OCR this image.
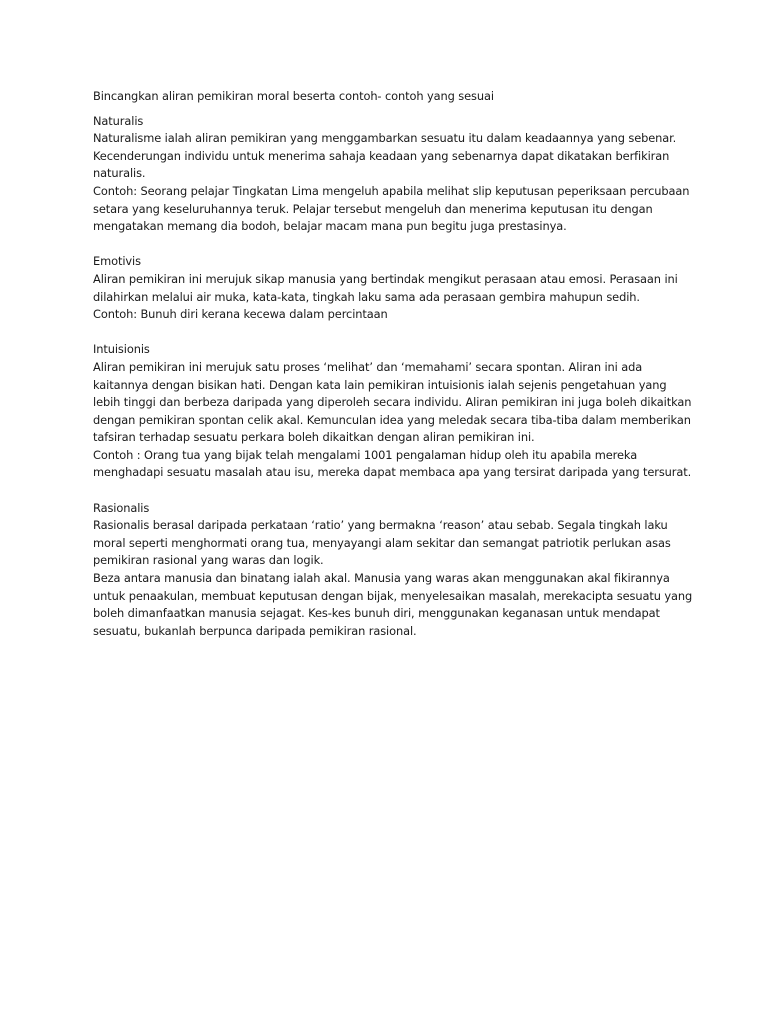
Bincangkan aliran pemikiran moral beserta contoh- contoh yang sesuai

Naturalis

Naturalisme ialah aliran pemikiran yang menggambarkan sesuatu itu dalam keadaannya yang sebenar. Kecenderungan individu untuk menerima sahaja keadaan yang sebenarnya dapat dikatakan berfikiran naturalis.

Contoh: Seorang pelajar Tingkatan Lima mengeluh apabila melihat slip keputusan peperiksaan percubaan setara yang keseluruhannya teruk. Pelajar tersebut mengeluh dan menerima keputusan itu dengan mengatakan memang dia bodoh, belajar macam mana pun begitu juga prestasinya.

Emotivis

Aliran pemikiran ini merujuk sikap manusia yang bertindak mengikut perasaan atau emosi. Perasaan ini dilahirkan melalui air muka, kata-kata, tingkah laku sama ada perasaan gembira mahupun sedih.

Contoh: Bunuh diri kerana kecewa dalam percintaan

Intuisionis

Aliran pemikiran ini merujuk satu proses ‘melihat’ dan ‘memahami’ secara spontan. Aliran ini ada kaitannya dengan bisikan hati. Dengan kata lain pemikiran intuisionis ialah sejenis pengetahuan yang lebih tinggi dan berbeza daripada yang diperoleh secara individu. Aliran pemikiran ini juga boleh dikaitkan dengan pemikiran spontan celik akal. Kemunculan idea yang meledak secara tiba-tiba dalam memberikan tafsiran terhadap sesuatu perkara boleh dikaitkan dengan aliran pemikiran ini.

Contoh : Orang tua yang bijak telah mengalami 1001 pengalaman hidup oleh itu apabila mereka menghadapi sesuatu masalah atau isu, mereka dapat membaca apa yang tersirat daripada yang tersurat.

Rasionalis

Rasionalis berasal daripada perkataan ‘ratio’ yang bermakna ‘reason’ atau sebab. Segala tingkah laku moral seperti menghormati orang tua, menyayangi alam sekitar dan semangat patriotik perlukan asas pemikiran rasional yang waras dan logik.

Beza antara manusia dan binatang ialah akal. Manusia yang waras akan menggunakan akal fikirannya untuk penaakulan, membuat keputusan dengan bijak, menyelesaikan masalah, merekacipta sesuatu yang boleh dimanfaatkan manusia sejagat. Kes-kes bunuh diri, menggunakan keganasan untuk mendapat sesuatu, bukanlah berpunca daripada pemikiran rasional.
